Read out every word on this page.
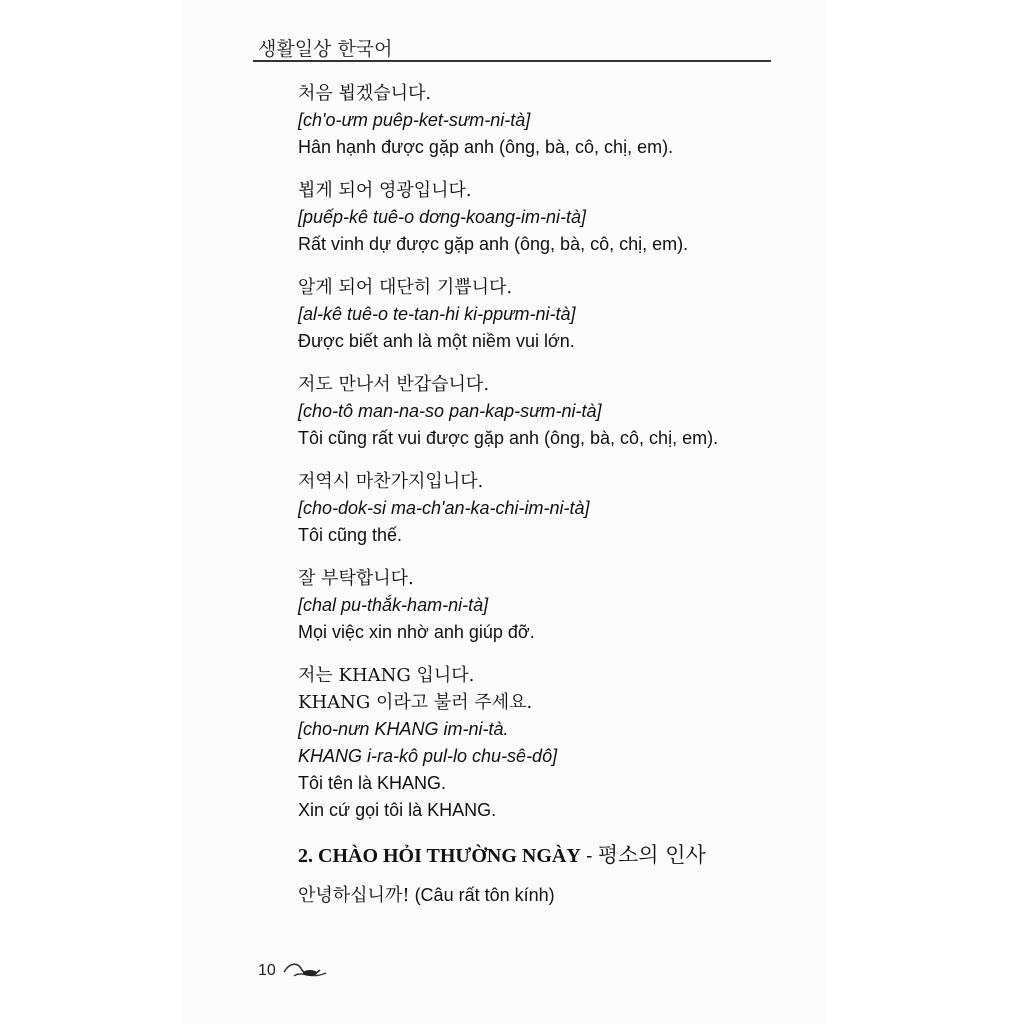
생활일상 한국어
처음 뵙겠습니다.
[ch'o-ưm puêp-ket-sưm-ni-tà]
Hân hạnh được gặp anh (ông, bà, cô, chị, em).
뵙게 되어 영광입니다.
[puếp-kê tuê-o dơng-koang-im-ni-tà]
Rất vinh dự được gặp anh (ông, bà, cô, chị, em).
알게 되어 대단히 기쁩니다.
[al-kê tuê-o te-tan-hi ki-ppưm-ni-tà]
Được biết anh là một niềm vui lớn.
저도 만나서 반갑습니다.
[cho-tô man-na-so pan-kap-sưm-ni-tà]
Tôi cũng rất vui được gặp anh (ông, bà, cô, chị, em).
저역시 마찬가지입니다.
[cho-dok-si ma-ch'an-ka-chi-im-ni-tà]
Tôi cũng thế.
잘 부탁합니다.
[chal pu-thắk-ham-ni-tà]
Mọi việc xin nhờ anh giúp đỡ.
저는 KHANG 입니다.
KHANG 이라고 불러 주세요.
[cho-nưn KHANG im-ni-tà.
KHANG i-ra-kô pul-lo chu-sê-dô]
Tôi tên là KHANG.
Xin cứ gọi tôi là KHANG.
2. CHÀO HỎI THƯỜNG NGÀY - 평소의 인사
안녕하십니까! (Câu rất tôn kính)
10
